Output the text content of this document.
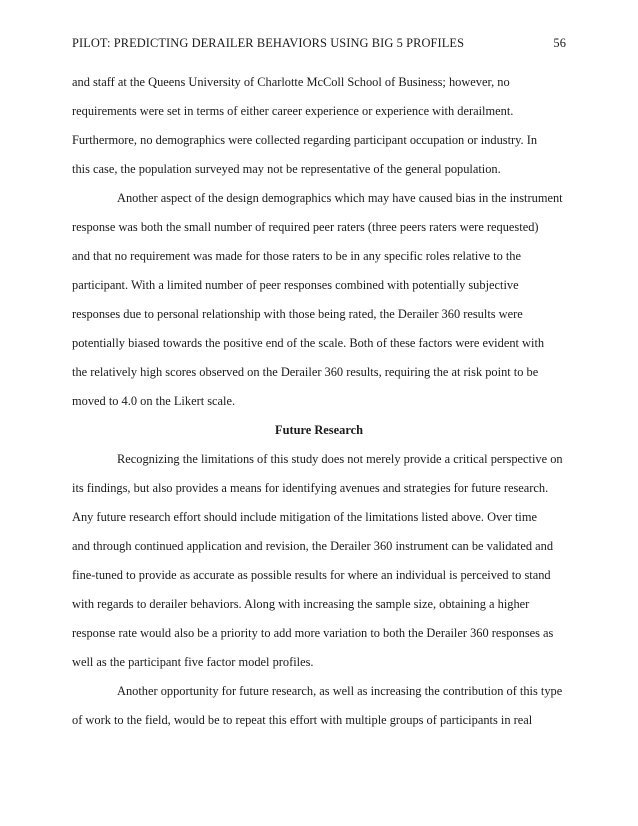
PILOT: PREDICTING DERAILER BEHAVIORS USING BIG 5 PROFILES	56
and staff at the Queens University of Charlotte McColl School of Business; however, no
requirements were set in terms of either career experience or experience with derailment.
Furthermore, no demographics were collected regarding participant occupation or industry. In
this case, the population surveyed may not be representative of the general population.
Another aspect of the design demographics which may have caused bias in the instrument
response was both the small number of required peer raters (three peers raters were requested)
and that no requirement was made for those raters to be in any specific roles relative to the
participant. With a limited number of peer responses combined with potentially subjective
responses due to personal relationship with those being rated, the Derailer 360 results were
potentially biased towards the positive end of the scale. Both of these factors were evident with
the relatively high scores observed on the Derailer 360 results, requiring the at risk point to be
moved to 4.0 on the Likert scale.
Future Research
Recognizing the limitations of this study does not merely provide a critical perspective on
its findings, but also provides a means for identifying avenues and strategies for future research.
Any future research effort should include mitigation of the limitations listed above. Over time
and through continued application and revision, the Derailer 360 instrument can be validated and
fine-tuned to provide as accurate as possible results for where an individual is perceived to stand
with regards to derailer behaviors. Along with increasing the sample size, obtaining a higher
response rate would also be a priority to add more variation to both the Derailer 360 responses as
well as the participant five factor model profiles.
Another opportunity for future research, as well as increasing the contribution of this type
of work to the field, would be to repeat this effort with multiple groups of participants in real
